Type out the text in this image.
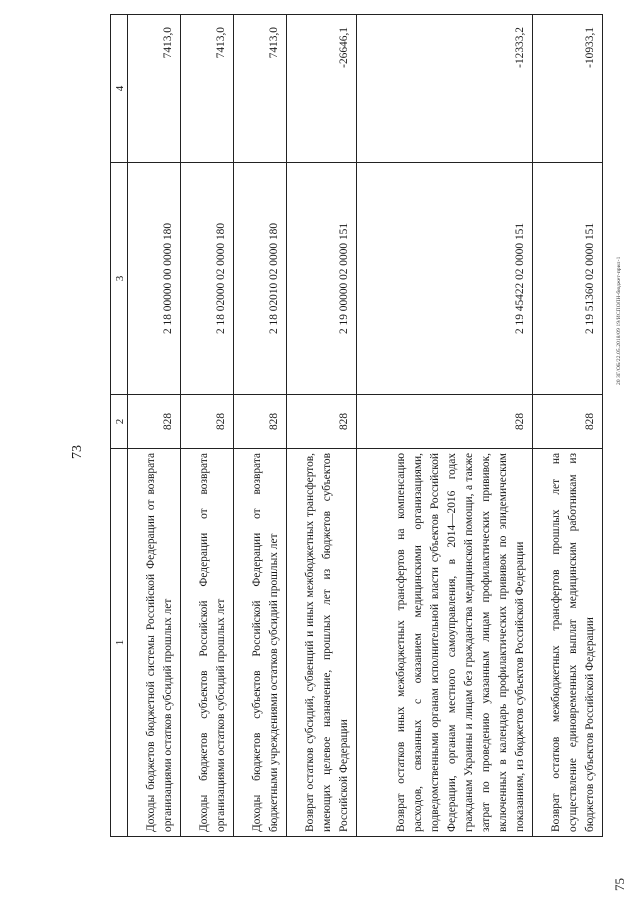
73
1	2	3	4
Доходы бюджетов бюджетной системы Российской Федерации от возврата организациями остатков субсидий прошлых лет	828	2 18 00000 00 0000 180	7413,0
Доходы бюджетов субъектов Российской Федерации от возврата организациями остатков субсидий прошлых лет	828	2 18 02000 02 0000 180	7413,0
Доходы бюджетов субъектов Российской Федерации от возврата бюджетными учреждениями остатков субсидий прошлых лет	828	2 18 02010 02 0000 180	7413,0
Возврат остатков субсидий, субвенций и иных межбюджетных трансфертов, имеющих целевое назначение, прошлых лет из бюджетов субъектов Российской Федерации	828	2 19 00000 02 0000 151	-26646,1
Возврат остатков иных межбюджетных трансфертов на компенсацию расходов, связанных с оказанием медицинскими организациями, подведомственными органам исполнительной власти субъектов Российской Федерации, органам местного самоуправления, в 2014—2016 годах гражданам Украины и лицам без гражданства медицинской помощи, а также затрат по проведению указанным лицам профилактических прививок, включенных в календарь профилактических прививок по эпидемическим показаниям, из бюджетов субъектов Российской Федерации	828	2 19 45422 02 0000 151	-12333,2
Возврат остатков межбюджетных трансфертов прошлых лет на осуществление единовременных выплат медицинским работникам из бюджетов субъектов Российской Федерации	828	2 19 51360 02 0000 151	-10933,1
75
20 ЗГ/ОБ/22.05.2018/09 19/ИСПОЛН-бюджет-прил-1
